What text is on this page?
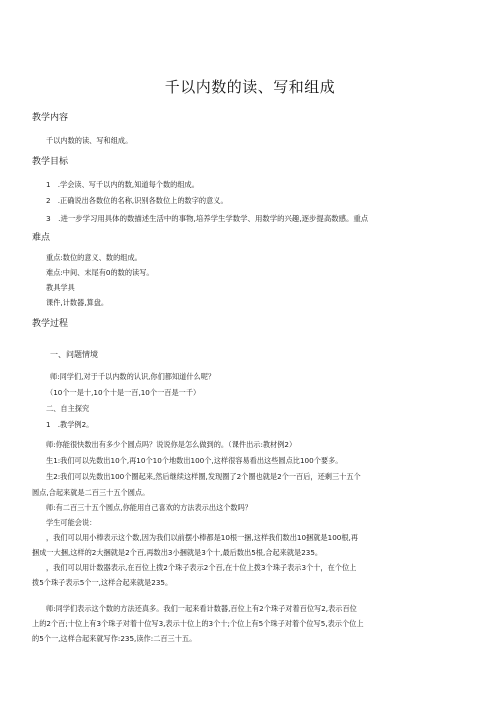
千以内数的读、写和组成
教学内容
千以内数的读、写和组成。
教学目标
1　.学会读、写千以内的数,知道每个数的组成。
2　.正确说出各数位的名称,识别各数位上的数字的意义。
3　.进一步学习用具体的数描述生活中的事物,培养学生学数学、用数学的兴趣,逐步提高数感。重点
难点
重点:数位的意义、数的组成。
难点:中间、末尾有0的数的读写。
教具学具
课件,计数器,算盘。
教学过程
一、问题情境
师:同学们,对于千以内数的认识,你们都知道什么呢？
（10个一是十,10个十是一百,10个一百是一千）
二、自主探究
1　.教学例2。
师:你能很快数出有多少个圆点吗？说说你是怎么做到的。（课件出示:教材例2）
生1:我们可以先数出10个,再10个10个地数出100个,这样很容易看出这些圆点比100个要多。
生2:我们可以先数出100个圈起来,然后继续这样圈,发现圈了2个圈也就是2个一百后，还剩三十五个
圆点,合起来就是二百三十五个圆点。
师:有二百三十五个圆点,你能用自己喜欢的方法表示出这个数吗？
学生可能会说：
，我们可以用小棒表示这个数,因为我们以前摆小棒都是10根一捆,这样我们数出10捆就是100根,再
捆成一大捆,这样的2大捆就是2个百,再数出3小捆就是3个十,最后数出5根,合起来就是235。
，我们可以用计数器表示,在百位上拨2个珠子表示2个百,在十位上拨3个珠子表示3个十，在个位上
拨5个珠子表示5个一,这样合起来就是235。
师:同学们表示这个数的方法还真多。我们一起来看计数器,百位上有2个珠子对着百位写2,表示百位
上的2个百;十位上有3个珠子对着十位写3,表示十位上的3个十;个位上有5个珠子对着个位写5,表示个位上
的5个一,这样合起来就写作:235,读作:二百三十五。
